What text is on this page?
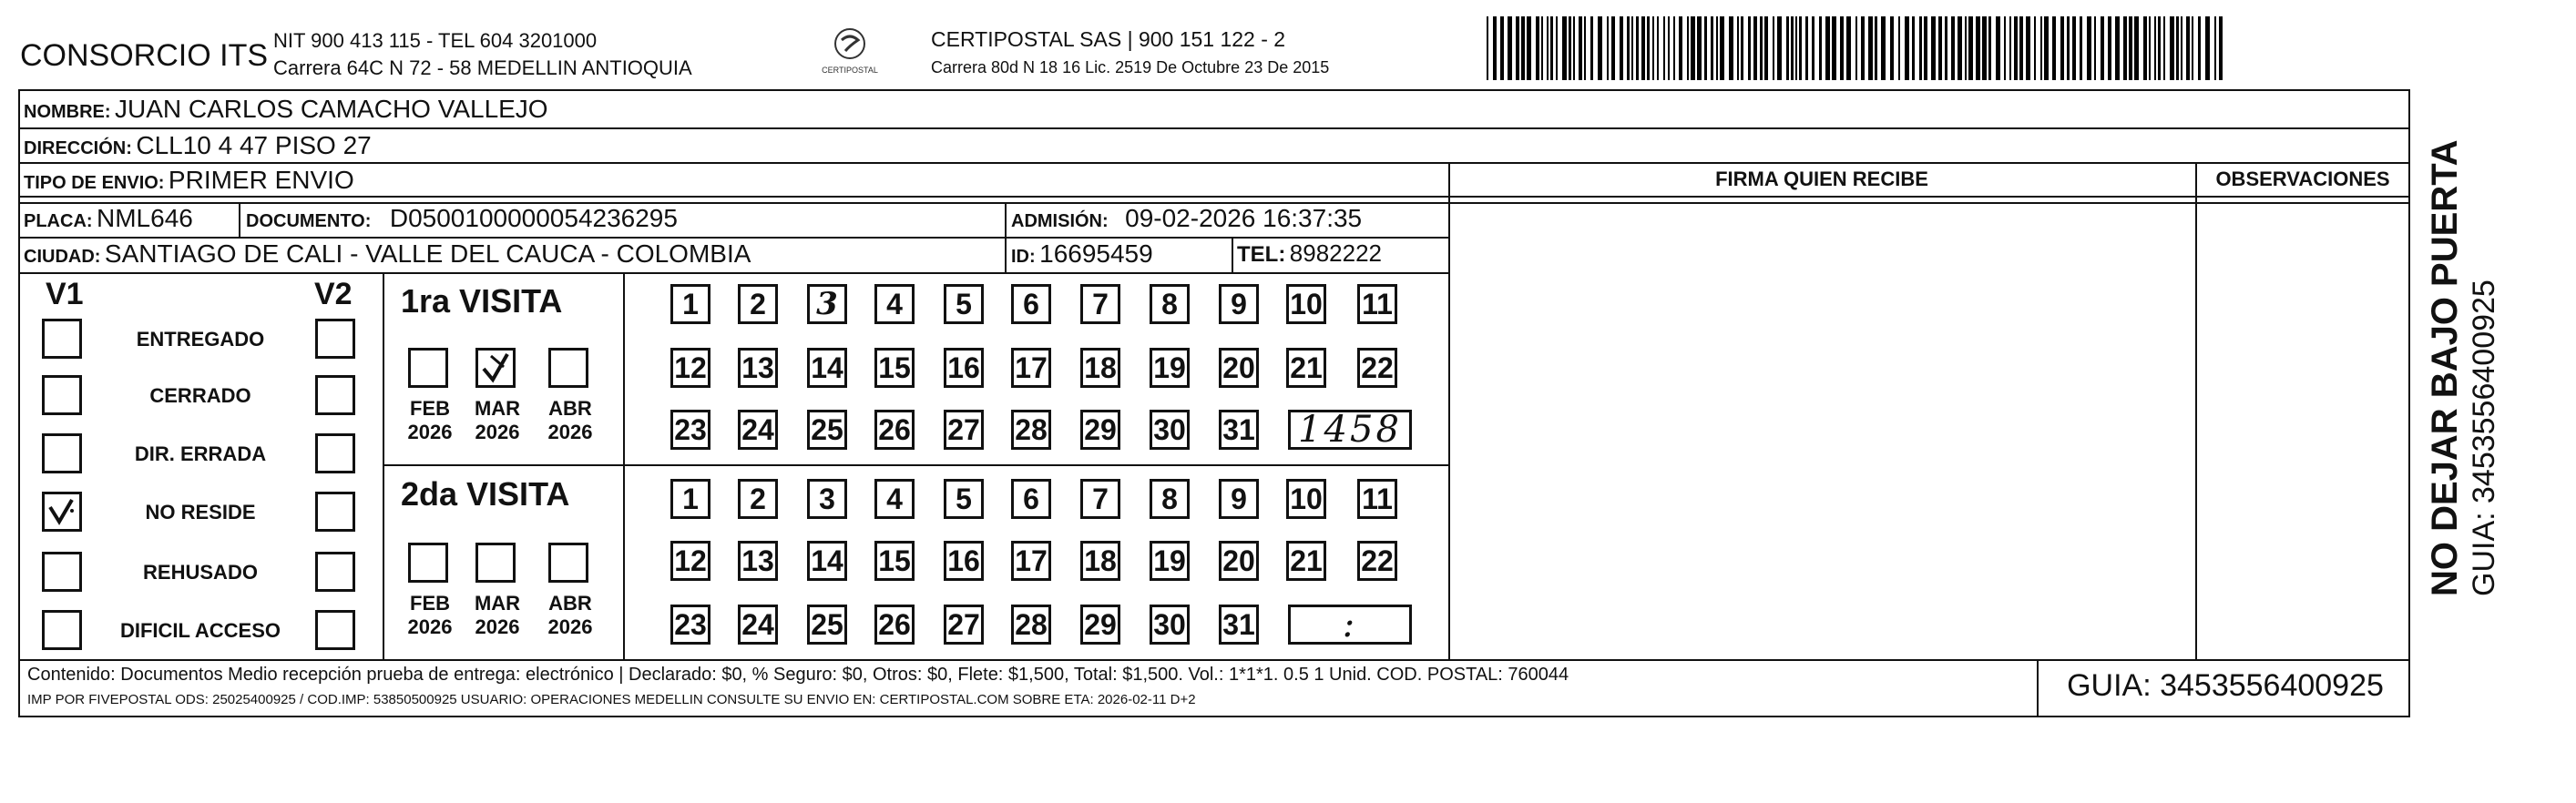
CONSORCIO ITS NIT 900 413 115 - TEL 604 3201000
Carrera 64C N 72 - 58 MEDELLIN ANTIOQUIA	CERTIPOSTAL
CERTIPOSTAL SAS | 900 151 122 - 2
Carrera 80d N 18 16 Lic. 2519 De Octubre 23 De 2015
NOMBRE: JUAN CARLOS CAMACHO VALLEJO
DIRECCIÓN: CLL10 4 47 PISO 27
TIPO DE ENVIO: PRIMER ENVIO	FIRMA QUIEN RECIBE	OBSERVACIONES
PLACA: NML646	DOCUMENTO: D0500100000054236295	ADMISIÓN: 09-02-2026 16:37:35
CIUDAD: SANTIAGO DE CALI - VALLE DEL CAUCA - COLOMBIA	ID: 16695459	TEL: 8982222
V1	V2
ENTREGADO
CERRADO
DIR. ERRADA
NO RESIDE
REHUSADO
DIFICIL ACCESO
1ra VISITA
2da VISITA
FEB
2026
MAR
2026
ABR
2026
FEB
2026
MAR
2026
ABR
2026
1	2	3	4	5	6	7	8	9	10 11
12 13 14 15 16 17 18 19 20 21 22
23 24 25 26 27 28 29 30 31 1458
1	2	3	4	5	6	7	8	9	10 11
12 13 14 15 16 17 18 19 20 21 22
23 24 25 26 27 28 29 30 31 :
Contenido: Documentos Medio recepción prueba de entrega: electrónico | Declarado: $0, % Seguro: $0, Otros: $0, Flete: $1,500, Total: $1,500. Vol.: 1*1*1. 0.5 1 Unid. COD. POSTAL: 760044
IMP POR FIVEPOSTAL ODS: 25025400925 / COD.IMP: 53850500925 USUARIO: OPERACIONES MEDELLIN CONSULTE SU ENVIO EN: CERTIPOSTAL.COM SOBRE ETA: 2026-02-11 D+2	GUIA: 3453556400925
NO DEJAR BAJO PUERTA GUIA: 3453556400925
